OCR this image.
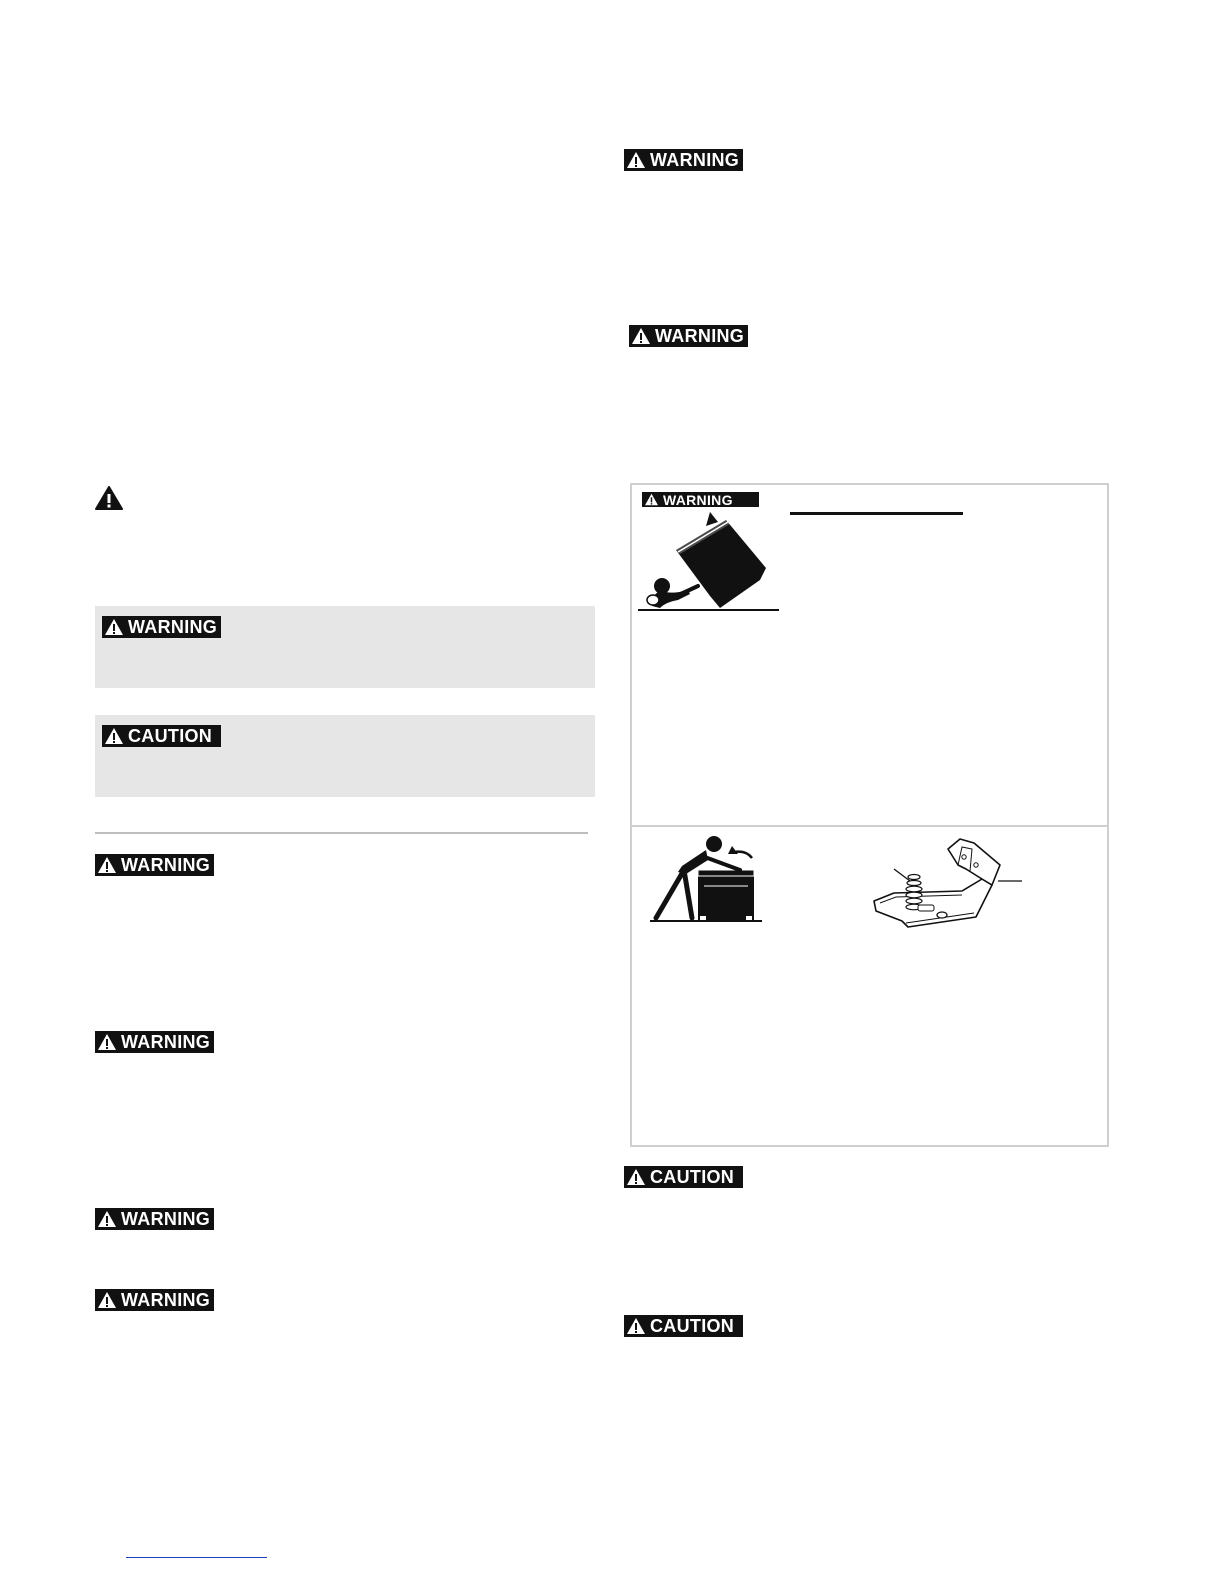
WARNING
CAUTION
WARNING
WARNING
WARNING
WARNING
WARNING
WARNING
WARNING
CAUTION
CAUTION
